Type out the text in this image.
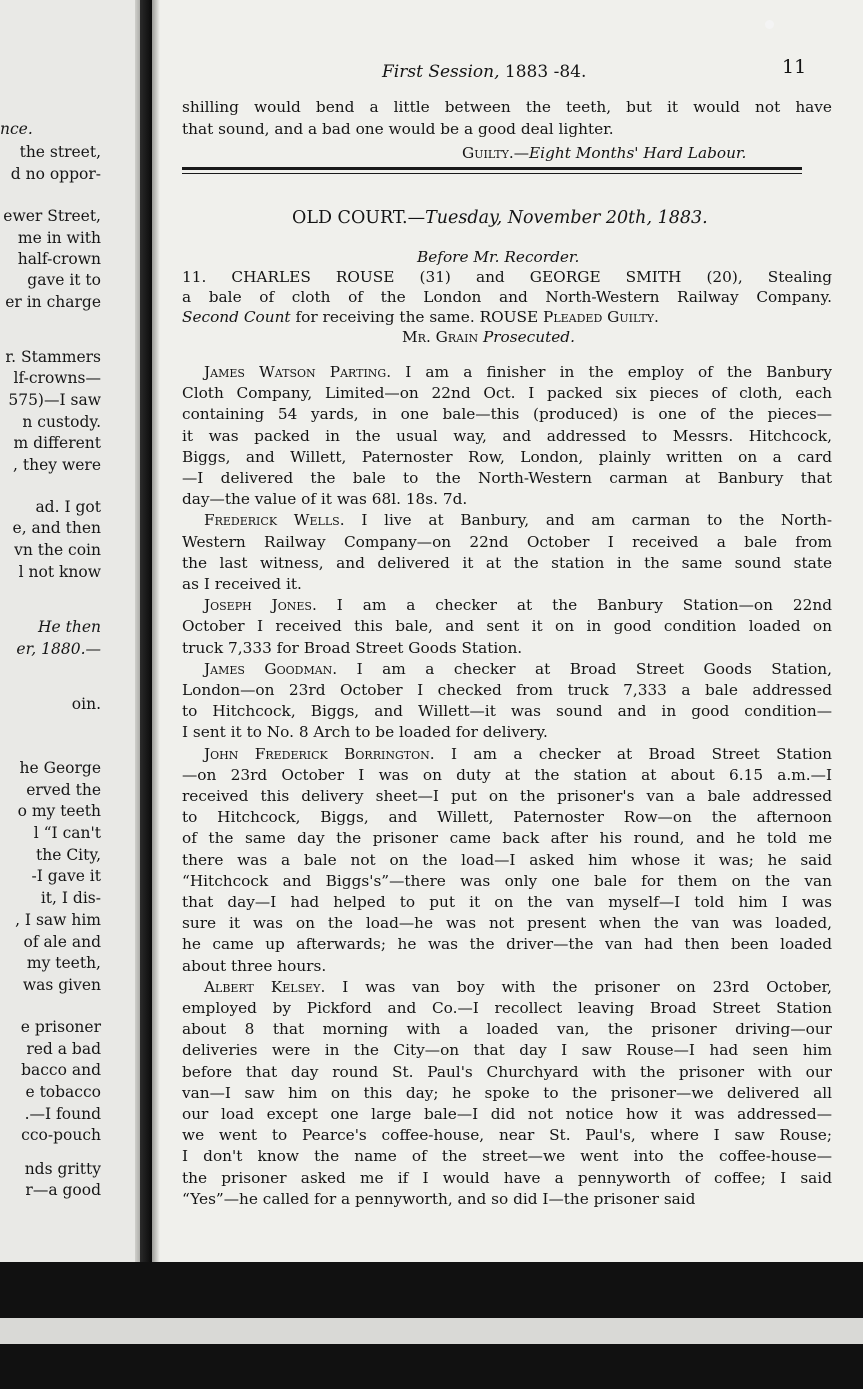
nce.
the street,
d no oppor-
ewer Street,
me in with
half-crown
gave it to
er in charge
r. Stammers
lf-crowns—
575)—I saw
n custody.
m different
, they were
ad. I got
e, and then
vn the coin
l not know
He then
er, 1880.—
oin.
he George
erved the
o my teeth
l “I can't
the City,
-I gave it
it, I dis-
, I saw him
of ale and
my teeth,
was given
e prisoner
red a bad
bacco and
e tobacco
.—I found
cco-pouch
nds gritty
r—a good
First Session, 1883 -84.	11
shilling would bend a little between the teeth, but it would not have
that sound, and a bad one would be a good deal lighter.
Guilty.—Eight Months' Hard Labour.
OLD COURT.—Tuesday, November 20th, 1883.
Before Mr. Recorder.
11. CHARLES ROUSE (31) and GEORGE SMITH (20), Stealing
a bale of cloth of the London and North-Western Railway Company.
Second Count for receiving the same. ROUSE Pleaded Guilty.
Mr. Grain Prosecuted.
James Watson Parting. I am a finisher in the employ of the Banbury
Cloth Company, Limited—on 22nd Oct. I packed six pieces of cloth, each
containing 54 yards, in one bale—this (produced) is one of the pieces—
it was packed in the usual way, and addressed to Messrs. Hitchcock,
Biggs, and Willett, Paternoster Row, London, plainly written on a card
—I delivered the bale to the North-Western carman at Banbury that
day—the value of it was 68l. 18s. 7d.
Frederick Wells. I live at Banbury, and am carman to the North-
Western Railway Company—on 22nd October I received a bale from
the last witness, and delivered it at the station in the same sound state
as I received it.
Joseph Jones. I am a checker at the Banbury Station—on 22nd
October I received this bale, and sent it on in good condition loaded on
truck 7,333 for Broad Street Goods Station.
James Goodman. I am a checker at Broad Street Goods Station,
London—on 23rd October I checked from truck 7,333 a bale addressed
to Hitchcock, Biggs, and Willett—it was sound and in good condition—
I sent it to No. 8 Arch to be loaded for delivery.
John Frederick Borrington. I am a checker at Broad Street Station
—on 23rd October I was on duty at the station at about 6.15 a.m.—I
received this delivery sheet—I put on the prisoner's van a bale addressed
to Hitchcock, Biggs, and Willett, Paternoster Row—on the afternoon
of the same day the prisoner came back after his round, and he told me
there was a bale not on the load—I asked him whose it was; he said
“Hitchcock and Biggs's”—there was only one bale for them on the van
that day—I had helped to put it on the van myself—I told him I was
sure it was on the load—he was not present when the van was loaded,
he came up afterwards; he was the driver—the van had then been loaded
about three hours.
Albert Kelsey. I was van boy with the prisoner on 23rd October,
employed by Pickford and Co.—I recollect leaving Broad Street Station
about 8 that morning with a loaded van, the prisoner driving—our
deliveries were in the City—on that day I saw Rouse—I had seen him
before that day round St. Paul's Churchyard with the prisoner with our
van—I saw him on this day; he spoke to the prisoner—we delivered all
our load except one large bale—I did not notice how it was addressed—
we went to Pearce's coffee-house, near St. Paul's, where I saw Rouse;
I don't know the name of the street—we went into the coffee-house—
the prisoner asked me if I would have a pennyworth of coffee; I said
“Yes”—he called for a pennyworth, and so did I—the prisoner said
